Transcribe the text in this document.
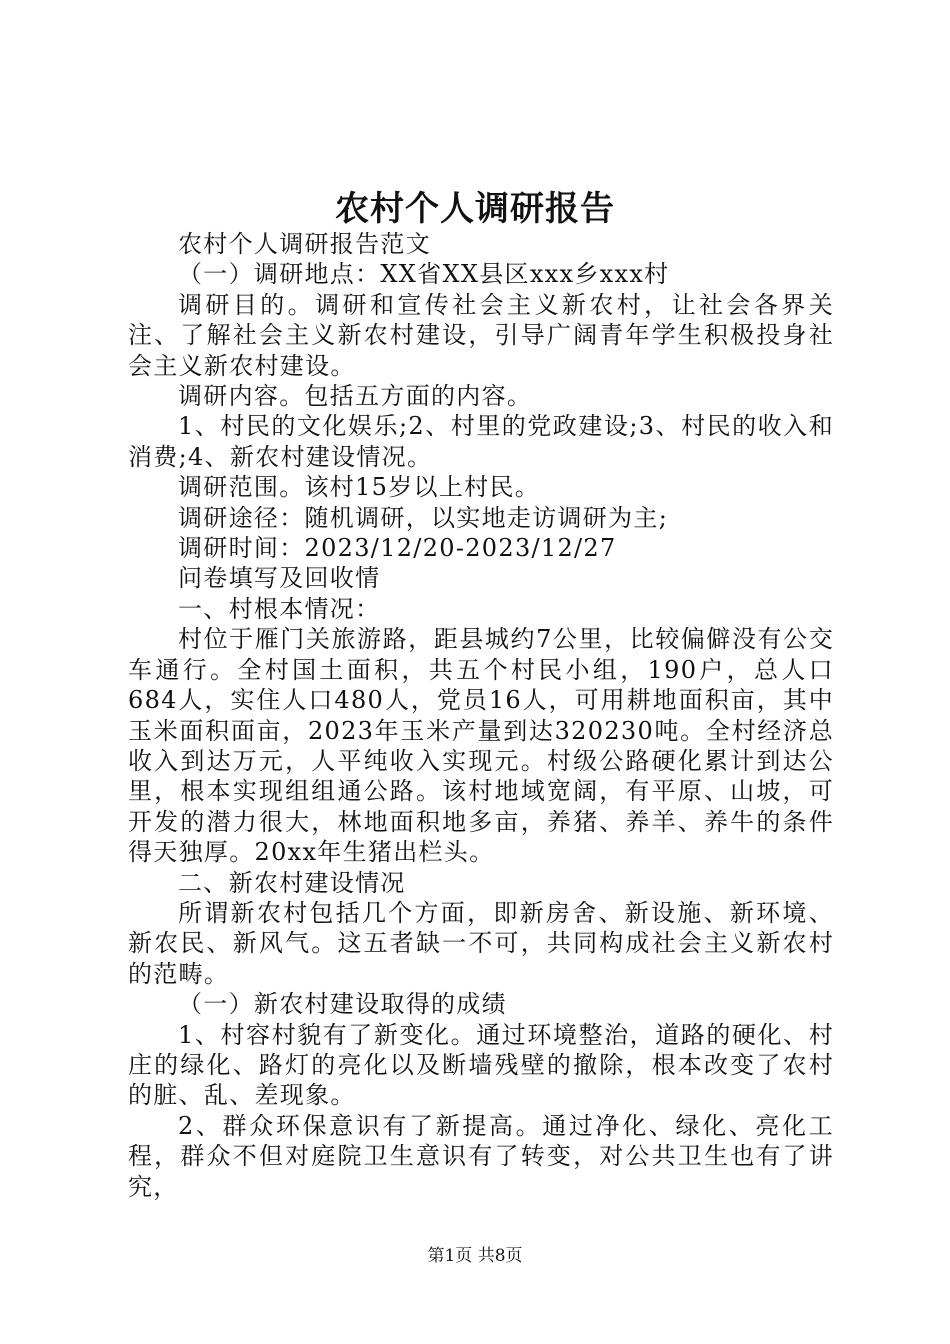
农村个人调研报告

农村个人调研报告范文

（一）调研地点：XX省XX县区xxx乡xxx村

调研目的。调研和宣传社会主义新农村，让社会各界关注、了解社会主义新农村建设，引导广阔青年学生积极投身社会主义新农村建设。

调研内容。包括五方面的内容。

1、村民的文化娱乐;2、村里的党政建设;3、村民的收入和消费;4、新农村建设情况。

调研范围。该村15岁以上村民。

调研途径：随机调研，以实地走访调研为主;

调研时间：2023/12/20-2023/12/27

问卷填写及回收情

一、村根本情况：

村位于雁门关旅游路，距县城约7公里，比较偏僻没有公交车通行。全村国土面积，共五个村民小组，190户，总人口684人，实住人口480人，党员16人，可用耕地面积亩，其中玉米面积面亩，2023年玉米产量到达320230吨。全村经济总收入到达万元，人平纯收入实现元。村级公路硬化累计到达公里，根本实现组组通公路。该村地域宽阔，有平原、山坡，可开发的潜力很大，林地面积地多亩，养猪、养羊、养牛的条件得天独厚。20xx年生猪出栏头。

二、新农村建设情况

所谓新农村包括几个方面，即新房舍、新设施、新环境、新农民、新风气。这五者缺一不可，共同构成社会主义新农村的范畴。

（一）新农村建设取得的成绩

1、村容村貌有了新变化。通过环境整治，道路的硬化、村庄的绿化、路灯的亮化以及断墙残壁的撤除，根本改变了农村的脏、乱、差现象。

2、群众环保意识有了新提高。通过净化、绿化、亮化工程，群众不但对庭院卫生意识有了转变，对公共卫生也有了讲究，

第1页 共8页
